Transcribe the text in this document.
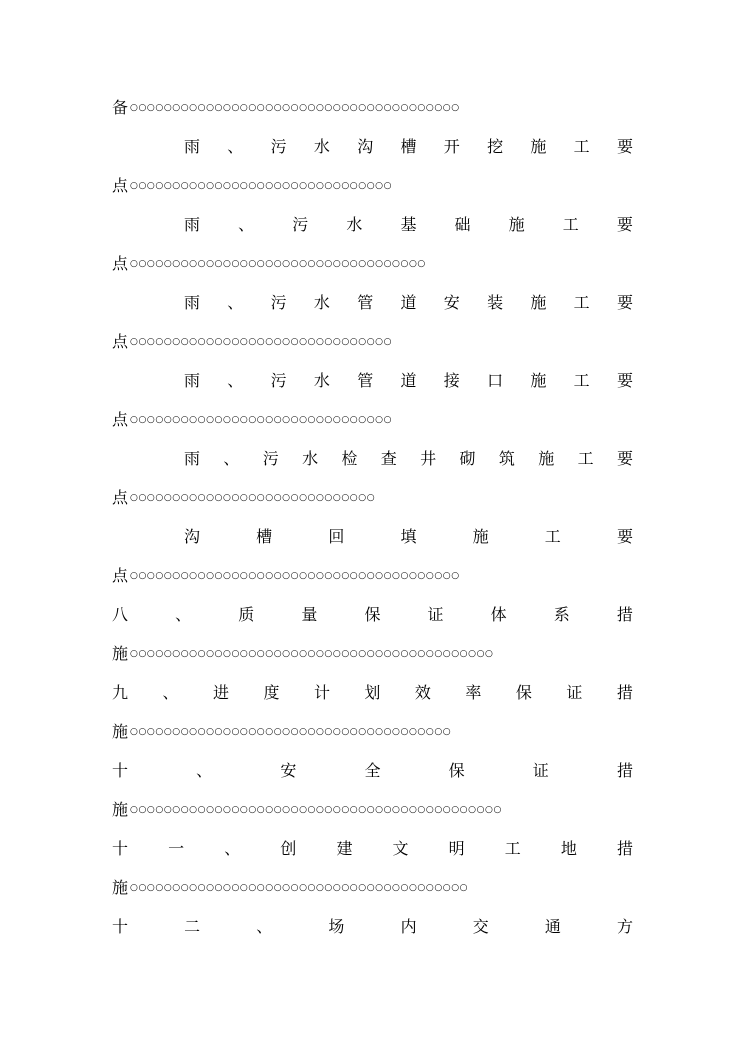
备 ○○○○○○○○○○○○○○○○○○○○○○○○○○○○○○○○○○○○○○○
雨 、 污 水 沟 槽 开 挖 施 工 要
点 ○○○○○○○○○○○○○○○○○○○○○○○○○○○○○○○
雨 、 污 水 基 础 施 工 要
点 ○○○○○○○○○○○○○○○○○○○○○○○○○○○○○○○○○○○
雨 、 污 水 管 道 安 装 施 工 要
点 ○○○○○○○○○○○○○○○○○○○○○○○○○○○○○○○
雨 、 污 水 管 道 接 口 施 工 要
点 ○○○○○○○○○○○○○○○○○○○○○○○○○○○○○○○
雨 、 污 水 检 查 井 砌 筑 施 工 要
点 ○○○○○○○○○○○○○○○○○○○○○○○○○○○○○
沟	槽	回	填	施	工	要
点 ○○○○○○○○○○○○○○○○○○○○○○○○○○○○○○○○○○○○○○○
八	、	质	量	保	证	体	系	措
施 ○○○○○○○○○○○○○○○○○○○○○○○○○○○○○○○○○○○○○○○○○○○
九 、 进 度 计 划 效 率 保 证 措
施 ○○○○○○○○○○○○○○○○○○○○○○○○○○○○○○○○○○○○○○
十	、	安	全	保	证	措
施 ○○○○○○○○○○○○○○○○○○○○○○○○○○○○○○○○○○○○○○○○○○○○
十	一	、	创	建	文	明	工	地	措
施 ○○○○○○○○○○○○○○○○○○○○○○○○○○○○○○○○○○○○○○○○
十	二	、	场	内	交	通	方
